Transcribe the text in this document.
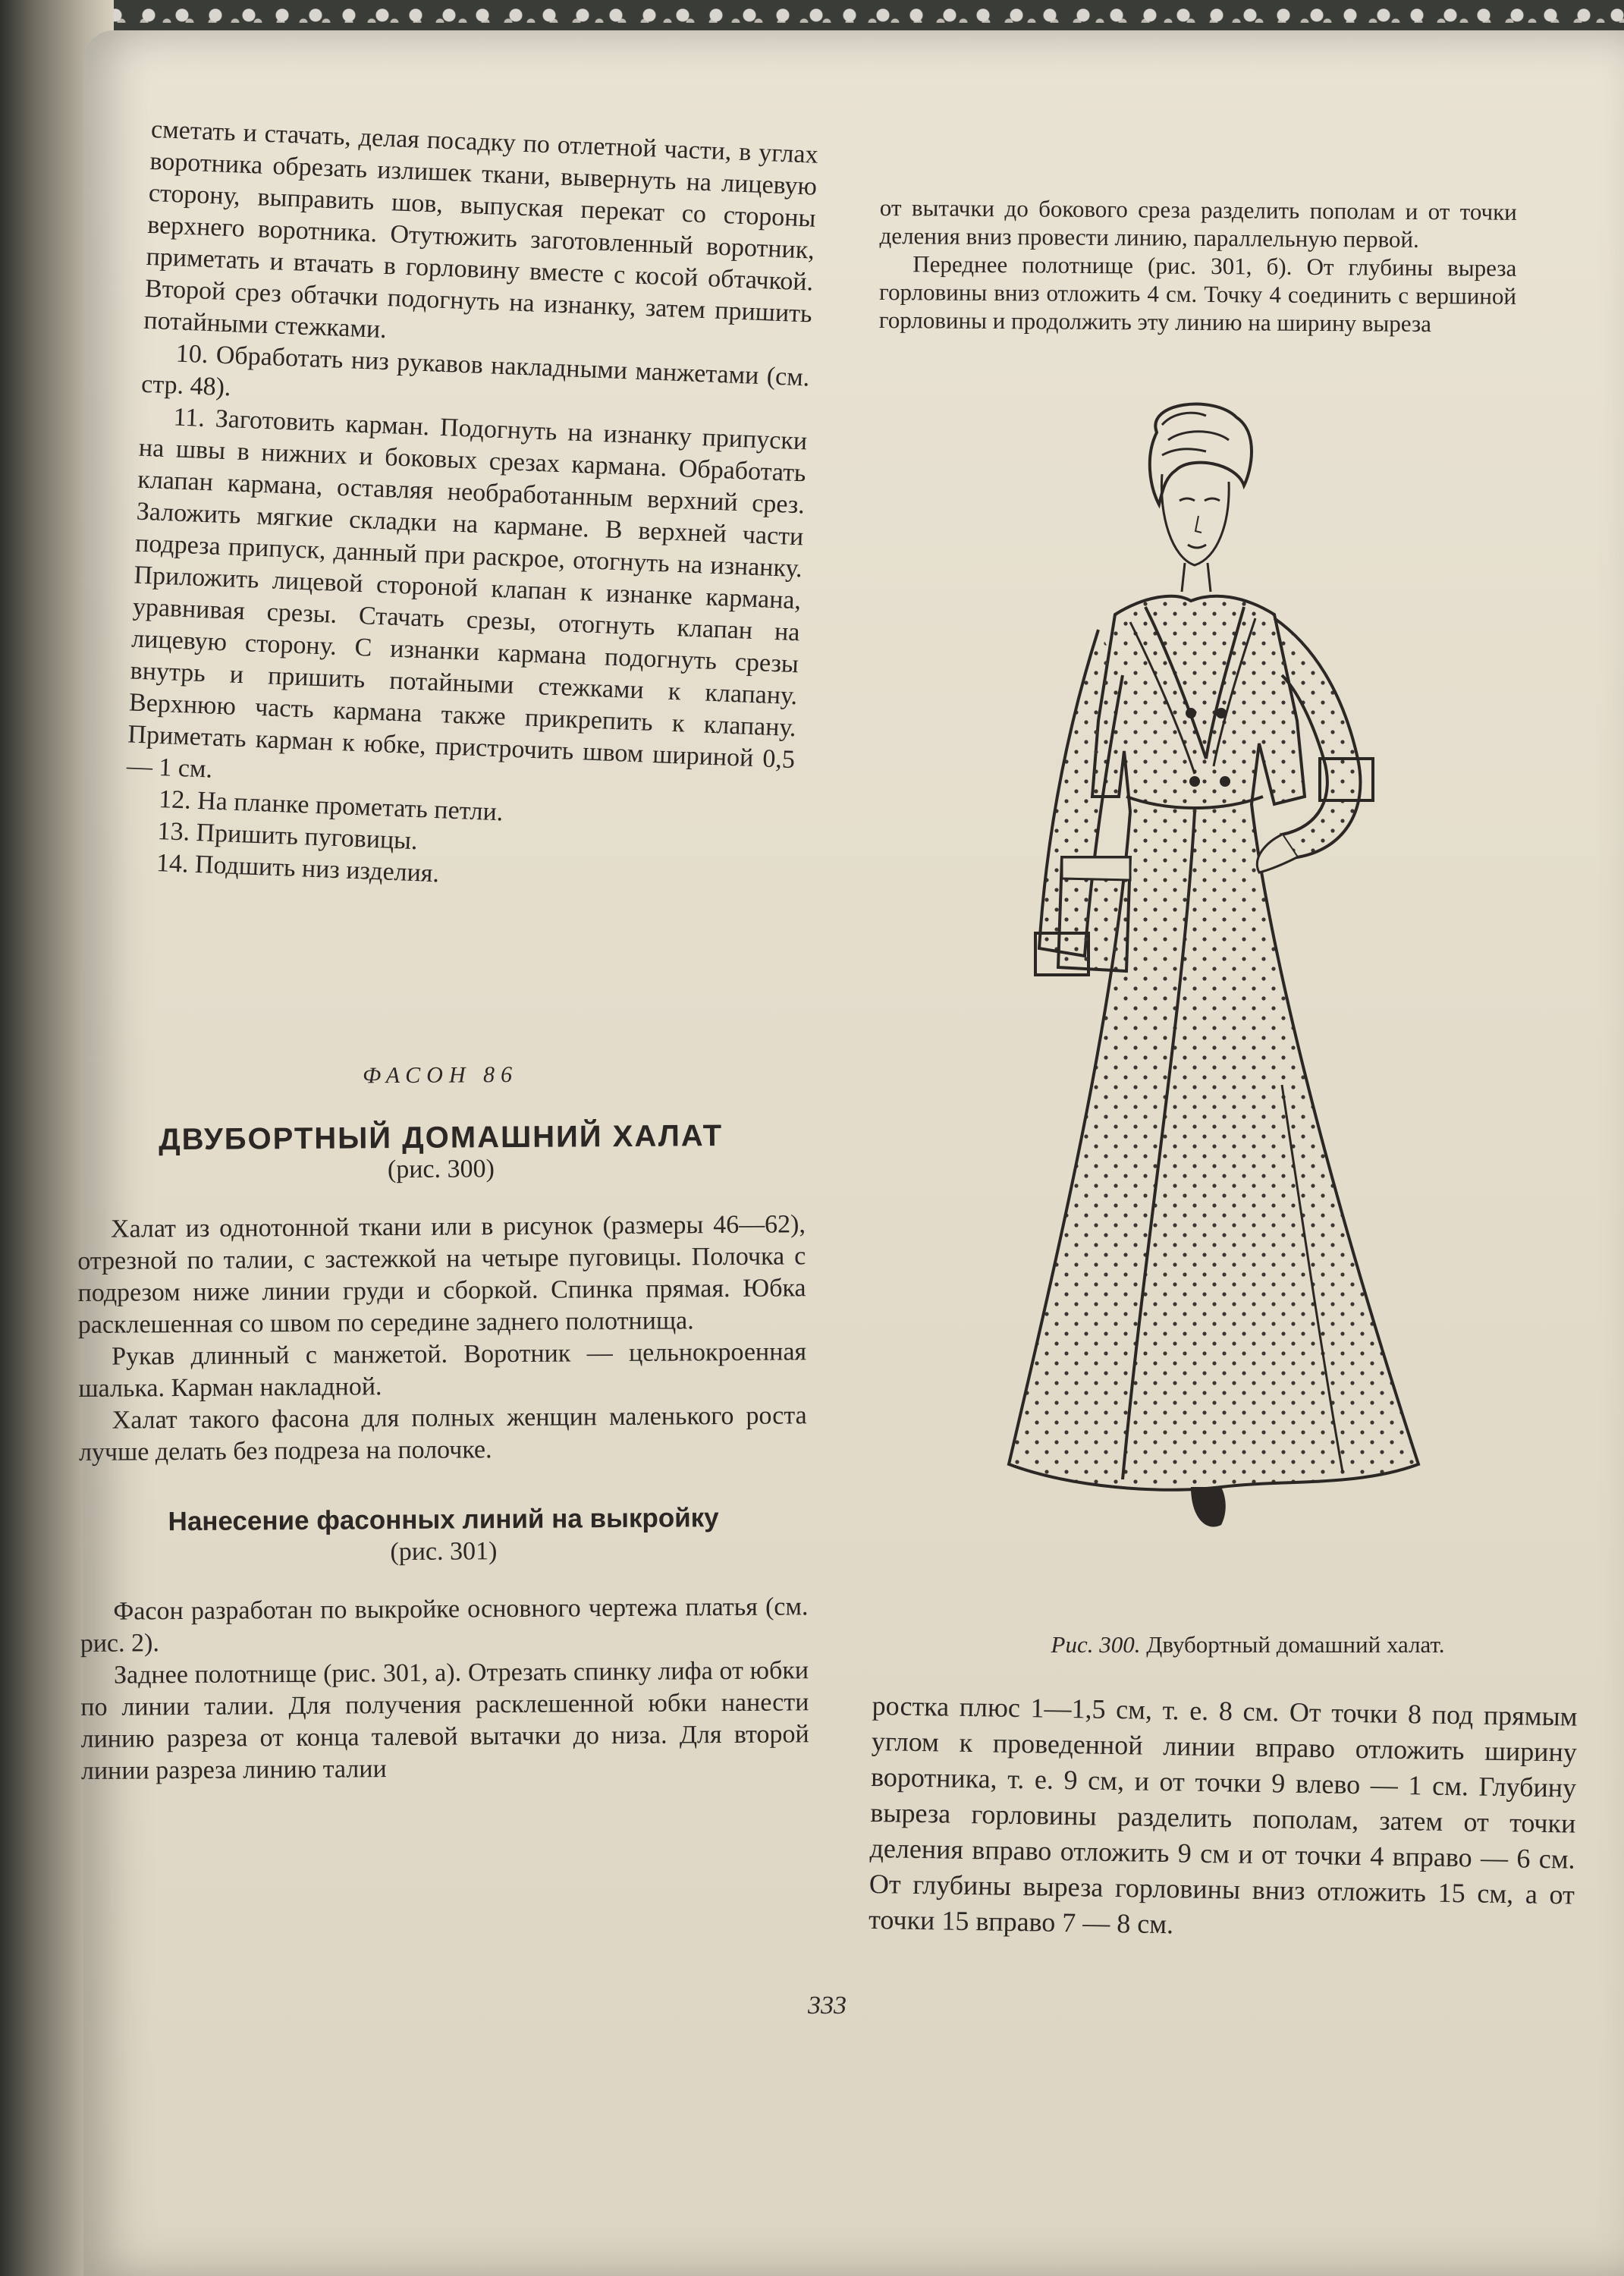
сметать и стачать, делая посадку по отлетной части, в углах воротника обрезать излишек ткани, вывернуть на лицевую сторону, выправить шов, выпуская перекат со стороны верхнего воротника. Отутюжить заготовленный воротник, приметать и втачать в горловину вместе с косой обтачкой. Второй срез обтачки подогнуть на изнанку, затем пришить потайными стежками.

10. Обработать низ рукавов накладными манжетами (см. стр. 48).

11. Заготовить карман. Подогнуть на изнанку припуски на швы в нижних и боковых срезах кармана. Обработать клапан кармана, оставляя необработанным верхний срез. Заложить мягкие складки на кармане. В верхней части подреза припуск, данный при раскрое, отогнуть на изнанку. Приложить лицевой стороной клапан к изнанке кармана, уравнивая срезы. Стачать срезы, отогнуть клапан на лицевую сторону. С изнанки кармана подогнуть срезы внутрь и пришить потайными стежками к клапану. Верхнюю часть кармана также прикрепить к клапану. Приметать карман к юбке, пристрочить швом шириной 0,5— 1 см.

12. На планке прометать петли.

13. Пришить пуговицы.

14. Подшить низ изделия.

ФАСОН 86

ДВУБОРТНЫЙ ДОМАШНИЙ ХАЛАТ

(рис. 300)

Халат из однотонной ткани или в рисунок (размеры 46—62), отрезной по талии, с застежкой на четыре пуговицы. Полочка с подрезом ниже линии груди и сборкой. Спинка прямая. Юбка расклешенная со швом по середине заднего полотнища.

Рукав длинный с манжетой. Воротник — цельнокроенная шалька. Карман накладной.

Халат такого фасона для полных женщин маленького роста лучше делать без подреза на полочке.

Нанесение фасонных линий на выкройку

(рис. 301)

Фасон разработан по выкройке основного чертежа платья (см. рис. 2).

Заднее полотнище (рис. 301, а). Отрезать спинку лифа от юбки по линии талии. Для получения расклешенной юбки нанести линию разреза от конца талевой вытачки до низа. Для второй линии разреза линию талии

от вытачки до бокового среза разделить пополам и от точки деления вниз провести линию, параллельную первой.

Переднее полотнище (рис. 301, б). От глубины выреза горловины вниз отложить 4 см. Точку 4 соединить с вершиной горловины и продолжить эту линию на ширину выреза

Рис. 300. Двубортный домашний халат.

ростка плюс 1—1,5 см, т. е. 8 см. От точки 8 под прямым углом к проведенной линии вправо отложить ширину воротника, т. е. 9 см, и от точки 9 влево — 1 см. Глубину выреза горловины разделить пополам, затем от точки деления вправо отложить 9 см и от точки 4 вправо — 6 см. От глубины выреза горловины вниз отложить 15 см, а от точки 15 вправо 7 — 8 см.

333
